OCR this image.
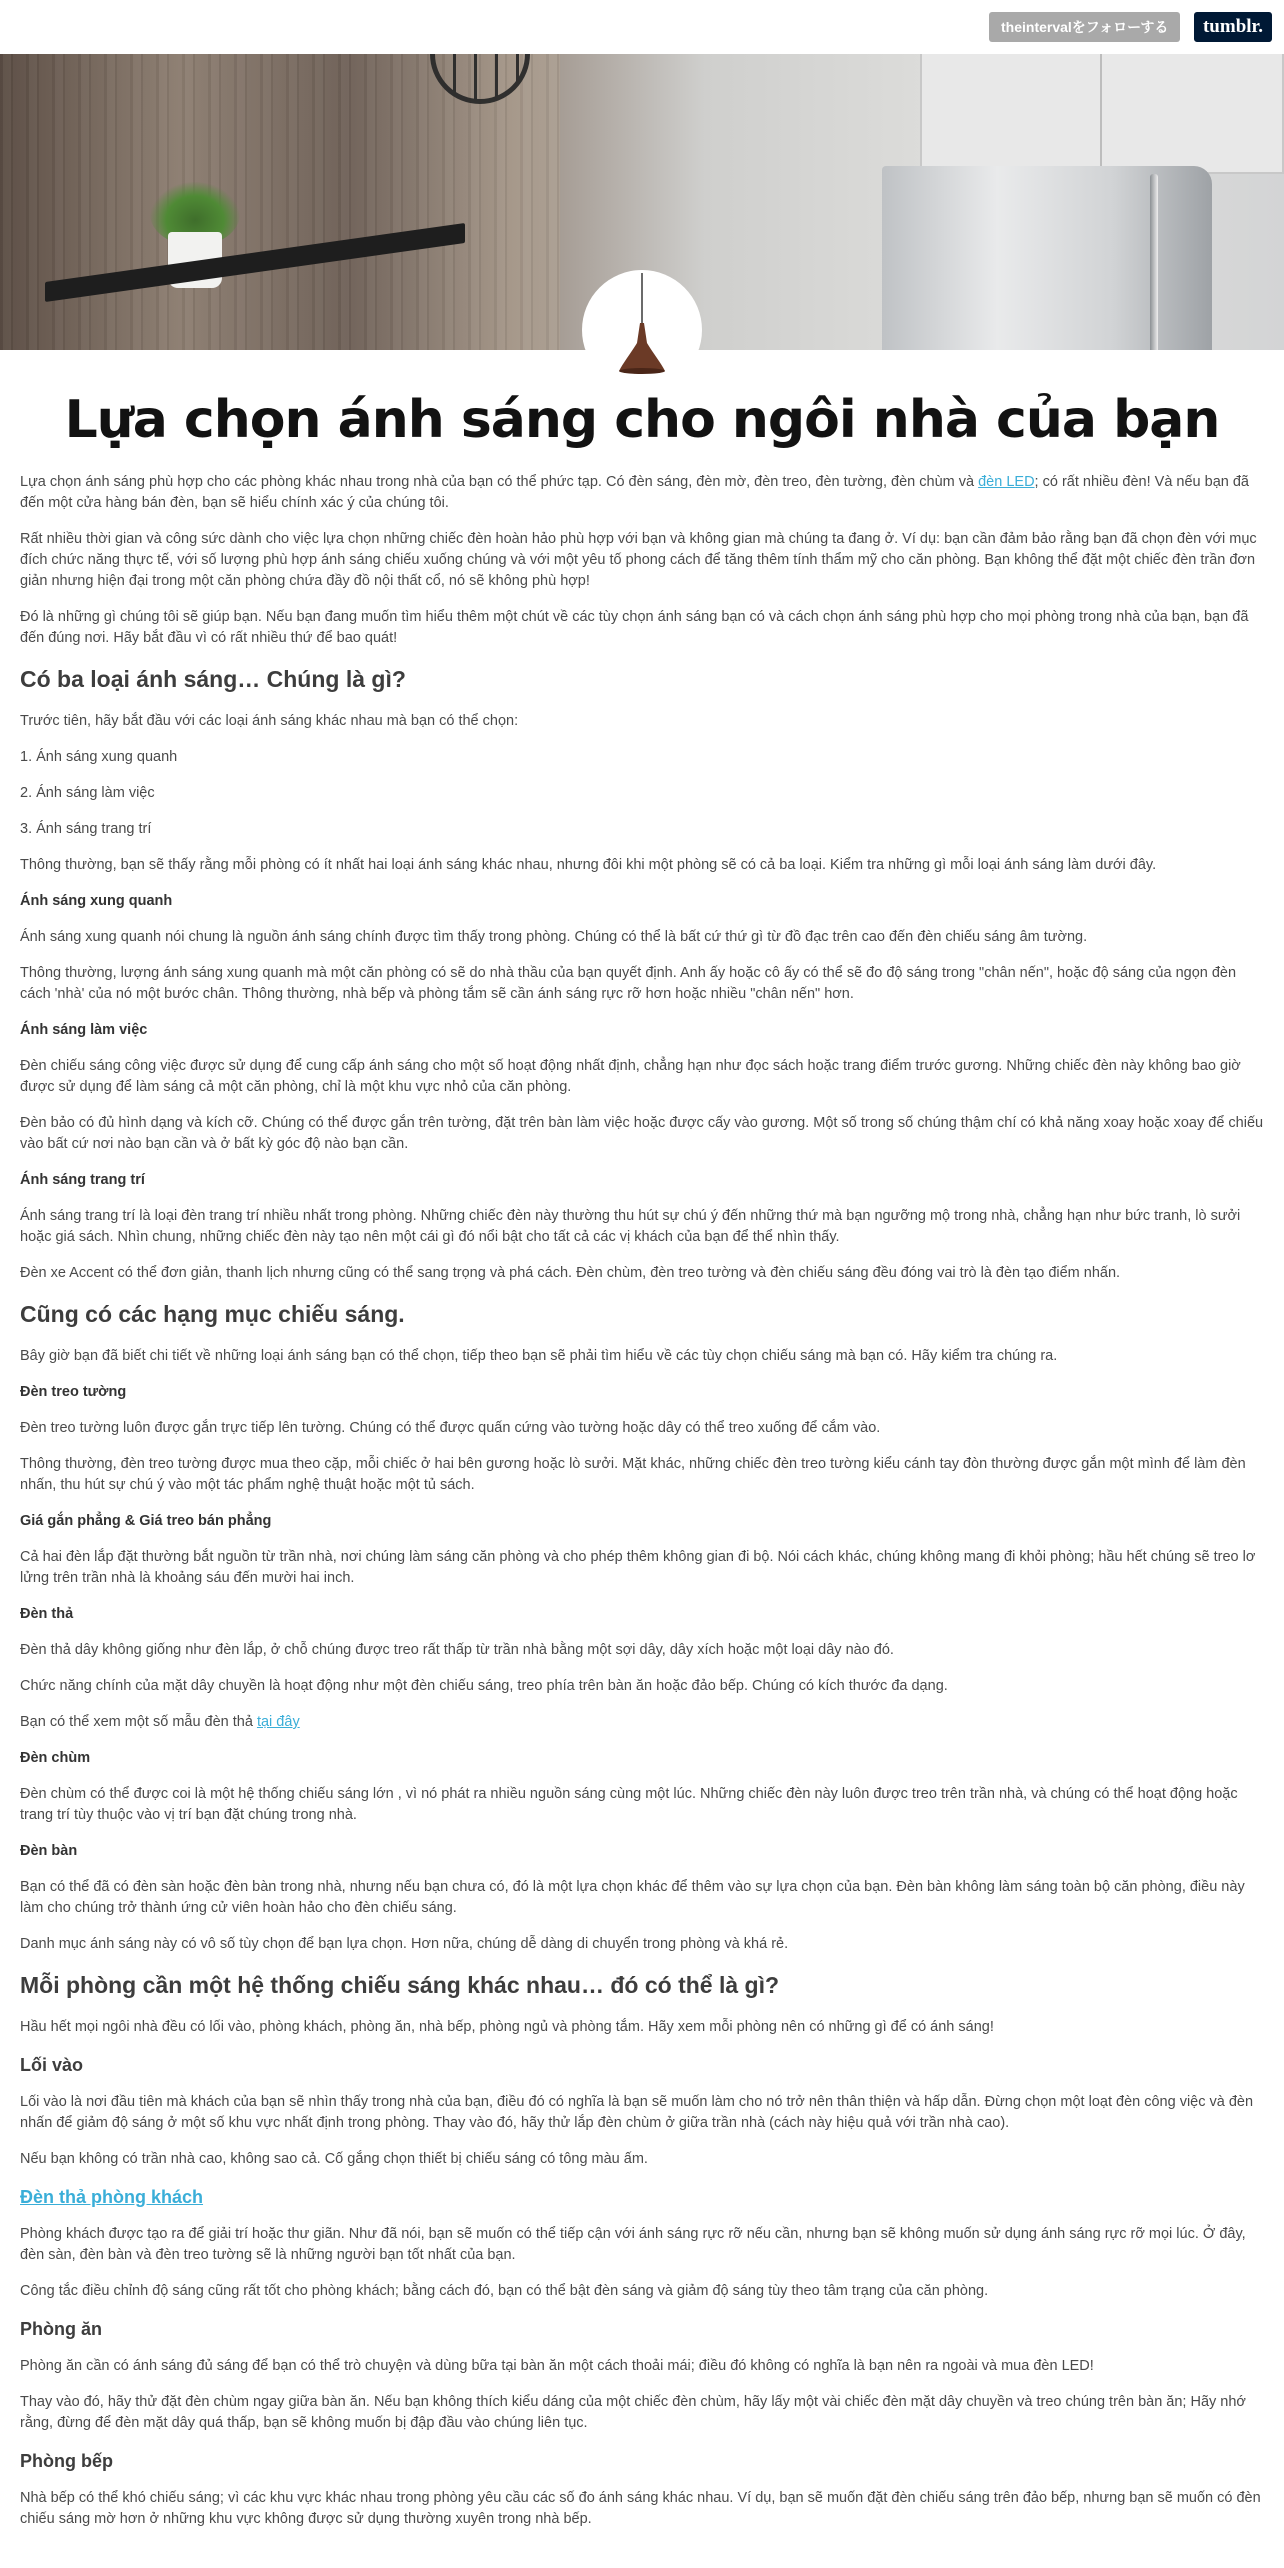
theintervalをフォローする	tumblr.
Lựa chọn ánh sáng cho ngôi nhà của bạn

Lựa chọn ánh sáng phù hợp cho các phòng khác nhau trong nhà của bạn có thể phức tạp. Có đèn sáng, đèn mờ, đèn treo, đèn tường, đèn chùm và đèn LED; có rất nhiều đèn! Và nếu bạn đã đến một cửa hàng bán đèn, bạn sẽ hiểu chính xác ý của chúng tôi.

Rất nhiều thời gian và công sức dành cho việc lựa chọn những chiếc đèn hoàn hảo phù hợp với bạn và không gian mà chúng ta đang ở. Ví dụ: bạn cần đảm bảo rằng bạn đã chọn đèn với mục đích chức năng thực tế, với số lượng phù hợp ánh sáng chiếu xuống chúng và với một yêu tố phong cách để tăng thêm tính thẩm mỹ cho căn phòng. Bạn không thể đặt một chiếc đèn trần đơn giản nhưng hiện đại trong một căn phòng chứa đầy đồ nội thất cổ, nó sẽ không phù hợp!

Đó là những gì chúng tôi sẽ giúp bạn. Nếu bạn đang muốn tìm hiểu thêm một chút về các tùy chọn ánh sáng bạn có và cách chọn ánh sáng phù hợp cho mọi phòng trong nhà của bạn, bạn đã đến đúng nơi. Hãy bắt đầu vì có rất nhiều thứ để bao quát!

Có ba loại ánh sáng… Chúng là gì?

Trước tiên, hãy bắt đầu với các loại ánh sáng khác nhau mà bạn có thể chọn:

1. Ánh sáng xung quanh

2. Ánh sáng làm việc

3. Ánh sáng trang trí

Thông thường, bạn sẽ thấy rằng mỗi phòng có ít nhất hai loại ánh sáng khác nhau, nhưng đôi khi một phòng sẽ có cả ba loại. Kiểm tra những gì mỗi loại ánh sáng làm dưới đây.

Ánh sáng xung quanh

Ánh sáng xung quanh nói chung là nguồn ánh sáng chính được tìm thấy trong phòng. Chúng có thể là bất cứ thứ gì từ đồ đạc trên cao đến đèn chiếu sáng âm tường.

Thông thường, lượng ánh sáng xung quanh mà một căn phòng có sẽ do nhà thầu của bạn quyết định. Anh ấy hoặc cô ấy có thể sẽ đo độ sáng trong "chân nến", hoặc độ sáng của ngọn đèn cách 'nhà' của nó một bước chân. Thông thường, nhà bếp và phòng tắm sẽ cần ánh sáng rực rỡ hơn hoặc nhiều "chân nến" hơn.

Ánh sáng làm việc

Đèn chiếu sáng công việc được sử dụng để cung cấp ánh sáng cho một số hoạt động nhất định, chẳng hạn như đọc sách hoặc trang điểm trước gương. Những chiếc đèn này không bao giờ được sử dụng để làm sáng cả một căn phòng, chỉ là một khu vực nhỏ của căn phòng.

Đèn bảo có đủ hình dạng và kích cỡ. Chúng có thể được gắn trên tường, đặt trên bàn làm việc hoặc được cấy vào gương. Một số trong số chúng thậm chí có khả năng xoay hoặc xoay để chiếu vào bất cứ nơi nào bạn cần và ở bất kỳ góc độ nào bạn cần.

Ánh sáng trang trí

Ánh sáng trang trí là loại đèn trang trí nhiều nhất trong phòng. Những chiếc đèn này thường thu hút sự chú ý đến những thứ mà bạn ngưỡng mộ trong nhà, chẳng hạn như bức tranh, lò sưởi hoặc giá sách. Nhìn chung, những chiếc đèn này tạo nên một cái gì đó nổi bật cho tất cả các vị khách của bạn để thể nhìn thấy.

Đèn xe Accent có thể đơn giản, thanh lịch nhưng cũng có thể sang trọng và phá cách. Đèn chùm, đèn treo tường và đèn chiếu sáng đều đóng vai trò là đèn tạo điểm nhấn.

Cũng có các hạng mục chiếu sáng.

Bây giờ bạn đã biết chi tiết về những loại ánh sáng bạn có thể chọn, tiếp theo bạn sẽ phải tìm hiểu về các tùy chọn chiếu sáng mà bạn có. Hãy kiểm tra chúng ra.

Đèn treo tường

Đèn treo tường luôn được gắn trực tiếp lên tường. Chúng có thể được quấn cứng vào tường hoặc dây có thể treo xuống để cắm vào.

Thông thường, đèn treo tường được mua theo cặp, mỗi chiếc ở hai bên gương hoặc lò sưởi. Mặt khác, những chiếc đèn treo tường kiểu cánh tay đòn thường được gắn một mình để làm đèn nhấn, thu hút sự chú ý vào một tác phẩm nghệ thuật hoặc một tủ sách.

Giá gắn phẳng & Giá treo bán phẳng

Cả hai đèn lắp đặt thường bắt nguồn từ trần nhà, nơi chúng làm sáng căn phòng và cho phép thêm không gian đi bộ. Nói cách khác, chúng không mang đi khỏi phòng; hầu hết chúng sẽ treo lơ lửng trên trần nhà là khoảng sáu đến mười hai inch.

Đèn thả

Đèn thả dây không giống như đèn lắp, ở chỗ chúng được treo rất thấp từ trần nhà bằng một sợi dây, dây xích hoặc một loại dây nào đó.

Chức năng chính của mặt dây chuyền là hoạt động như một đèn chiếu sáng, treo phía trên bàn ăn hoặc đảo bếp. Chúng có kích thước đa dạng.

Bạn có thể xem một số mẫu đèn thả tại đây

Đèn chùm

Đèn chùm có thể được coi là một hệ thống chiếu sáng lớn , vì nó phát ra nhiều nguồn sáng cùng một lúc. Những chiếc đèn này luôn được treo trên trần nhà, và chúng có thể hoạt động hoặc trang trí tùy thuộc vào vị trí bạn đặt chúng trong nhà.

Đèn bàn

Bạn có thể đã có đèn sàn hoặc đèn bàn trong nhà, nhưng nếu bạn chưa có, đó là một lựa chọn khác để thêm vào sự lựa chọn của bạn. Đèn bàn không làm sáng toàn bộ căn phòng, điều này làm cho chúng trở thành ứng cử viên hoàn hảo cho đèn chiếu sáng.

Danh mục ánh sáng này có vô số tùy chọn để bạn lựa chọn. Hơn nữa, chúng dễ dàng di chuyển trong phòng và khá rẻ.

Mỗi phòng cần một hệ thống chiếu sáng khác nhau… đó có thể là gì?

Hầu hết mọi ngôi nhà đều có lối vào, phòng khách, phòng ăn, nhà bếp, phòng ngủ và phòng tắm. Hãy xem mỗi phòng nên có những gì để có ánh sáng!

Lối vào

Lối vào là nơi đầu tiên mà khách của bạn sẽ nhìn thấy trong nhà của bạn, điều đó có nghĩa là bạn sẽ muốn làm cho nó trở nên thân thiện và hấp dẫn. Đừng chọn một loạt đèn công việc và đèn nhấn để giảm độ sáng ở một số khu vực nhất định trong phòng. Thay vào đó, hãy thử lắp đèn chùm ở giữa trần nhà (cách này hiệu quả với trần nhà cao).

Nếu bạn không có trần nhà cao, không sao cả. Cố gắng chọn thiết bị chiếu sáng có tông màu ấm.

Đèn thả phòng khách

Phòng khách được tạo ra để giải trí hoặc thư giãn. Như đã nói, bạn sẽ muốn có thể tiếp cận với ánh sáng rực rỡ nếu cần, nhưng bạn sẽ không muốn sử dụng ánh sáng rực rỡ mọi lúc. Ở đây, đèn sàn, đèn bàn và đèn treo tường sẽ là những người bạn tốt nhất của bạn.

Công tắc điều chỉnh độ sáng cũng rất tốt cho phòng khách; bằng cách đó, bạn có thể bật đèn sáng và giảm độ sáng tùy theo tâm trạng của căn phòng.

Phòng ăn

Phòng ăn cần có ánh sáng đủ sáng để bạn có thể trò chuyện và dùng bữa tại bàn ăn một cách thoải mái; điều đó không có nghĩa là bạn nên ra ngoài và mua đèn LED!

Thay vào đó, hãy thử đặt đèn chùm ngay giữa bàn ăn. Nếu bạn không thích kiểu dáng của một chiếc đèn chùm, hãy lấy một vài chiếc đèn mặt dây chuyền và treo chúng trên bàn ăn; Hãy nhớ rằng, đừng để đèn mặt dây quá thấp, bạn sẽ không muốn bị đập đầu vào chúng liên tục.

Phòng bếp

Nhà bếp có thể khó chiếu sáng; vì các khu vực khác nhau trong phòng yêu cầu các số đo ánh sáng khác nhau. Ví dụ, bạn sẽ muốn đặt đèn chiếu sáng trên đảo bếp, nhưng bạn sẽ muốn có đèn chiếu sáng mờ hơn ở những khu vực không được sử dụng thường xuyên trong nhà bếp.
